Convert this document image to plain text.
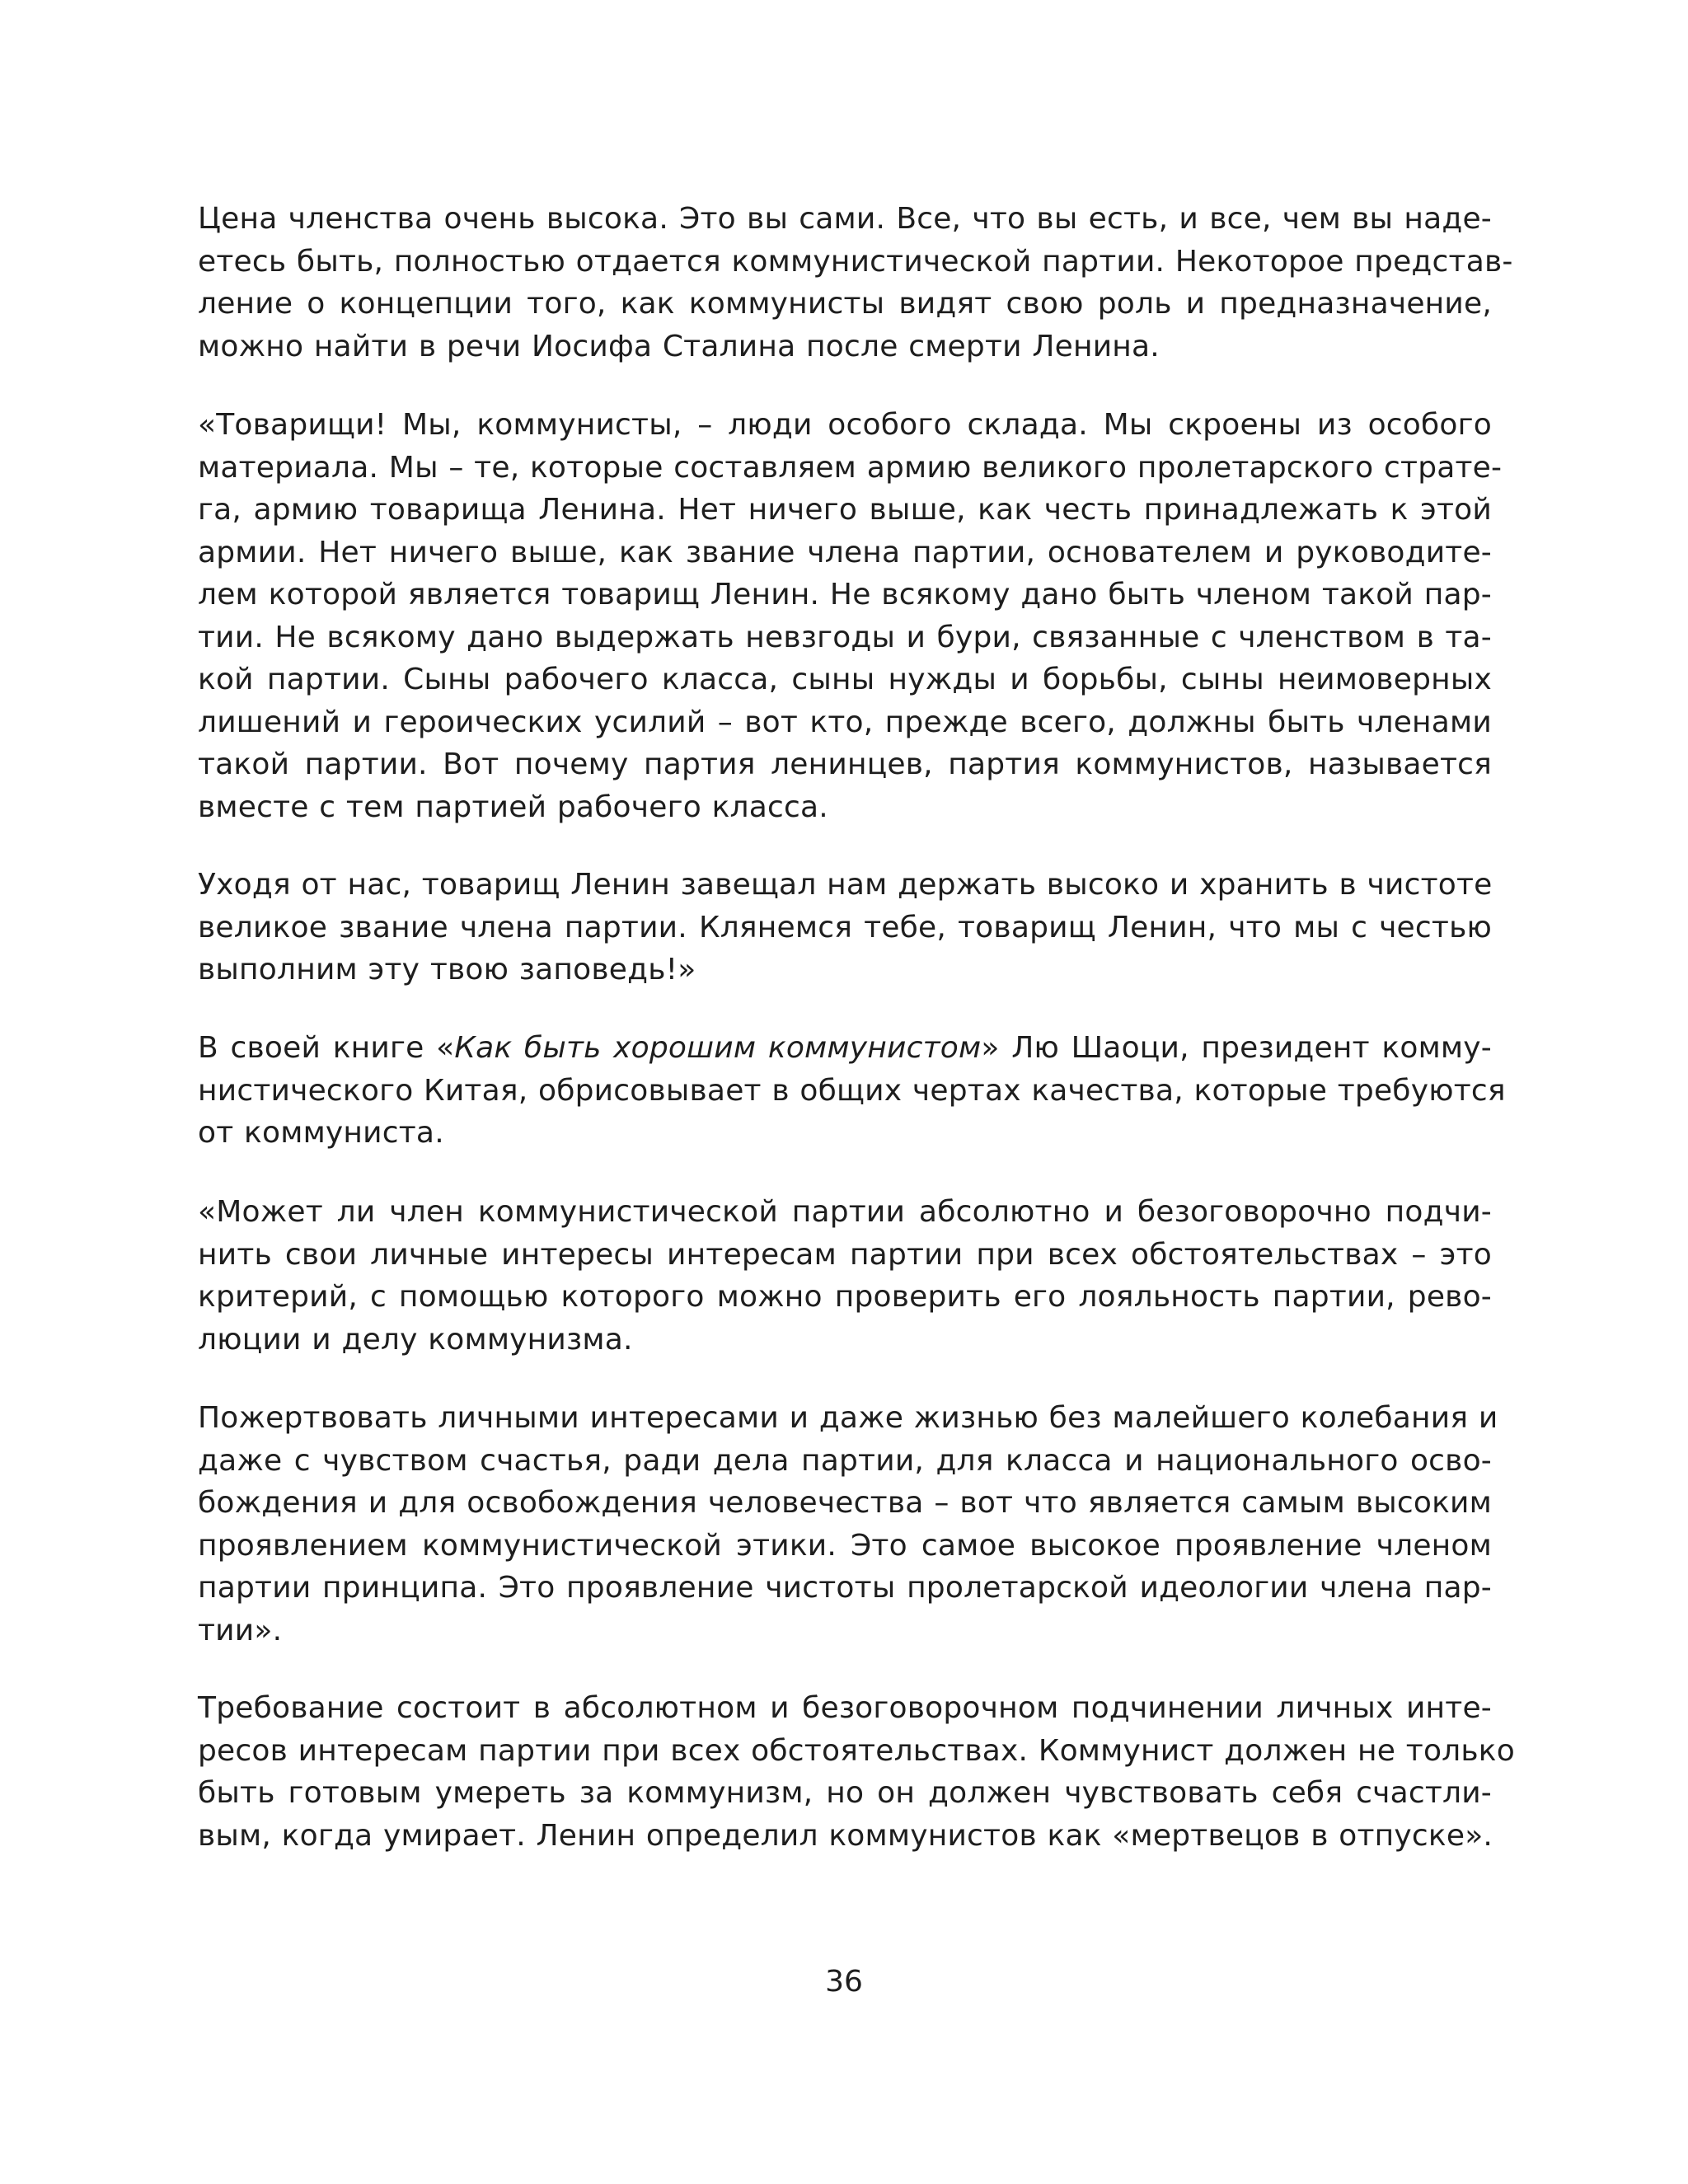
Цена членства очень высока. Это вы сами. Все, что вы есть, и все, чем вы наде-
етесь быть, полностью отдается коммунистической партии. Некоторое представ-
ление о концепции того, как коммунисты видят свою роль и предназначение,
можно найти в речи Иосифа Сталина после смерти Ленина.
«Товарищи! Мы, коммунисты, – люди особого склада. Мы скроены из особого
материала. Мы – те, которые составляем армию великого пролетарского страте-
га, армию товарища Ленина. Нет ничего выше, как честь принадлежать к этой
армии. Нет ничего выше, как звание члена партии, основателем и руководите-
лем которой является товарищ Ленин. Не всякому дано быть членом такой пар-
тии. Не всякому дано выдержать невзгоды и бури, связанные с членством в та-
кой партии. Сыны рабочего класса, сыны нужды и борьбы, сыны неимоверных
лишений и героических усилий – вот кто, прежде всего, должны быть членами
такой партии. Вот почему партия ленинцев, партия коммунистов, называется
вместе с тем партией рабочего класса.
Уходя от нас, товарищ Ленин завещал нам держать высоко и хранить в чистоте
великое звание члена партии. Клянемся тебе, товарищ Ленин, что мы с честью
выполним эту твою заповедь!»
В своей книге «Как быть хорошим коммунистом» Лю Шаоци, президент комму-
нистического Китая, обрисовывает в общих чертах качества, которые требуются
от коммуниста.
«Может ли член коммунистической партии абсолютно и безоговорочно подчи-
нить свои личные интересы интересам партии при всех обстоятельствах – это
критерий, с помощью которого можно проверить его лояльность партии, рево-
люции и делу коммунизма.
Пожертвовать личными интересами и даже жизнью без малейшего колебания и
даже с чувством счастья, ради дела партии, для класса и национального осво-
бождения и для освобождения человечества – вот что является самым высоким
проявлением коммунистической этики. Это самое высокое проявление членом
партии принципа. Это проявление чистоты пролетарской идеологии члена пар-
тии».
Требование состоит в абсолютном и безоговорочном подчинении личных инте-
ресов интересам партии при всех обстоятельствах. Коммунист должен не только
быть готовым умереть за коммунизм, но он должен чувствовать себя счастли-
вым, когда умирает. Ленин определил коммунистов как «мертвецов в отпуске».
36
